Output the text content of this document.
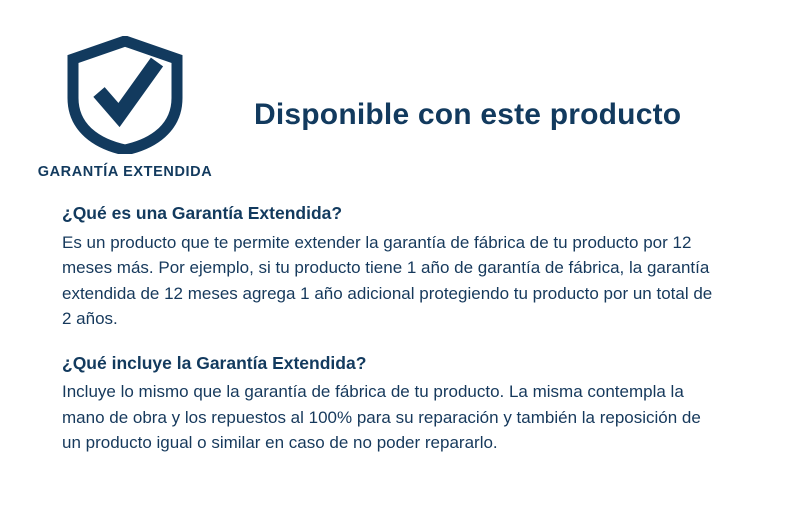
GARANTÍA EXTENDIDA
Disponible con este producto

¿Qué es una Garantía Extendida?

Es un producto que te permite extender la garantía de fábrica de tu producto por 12 meses más. Por ejemplo, si tu producto tiene 1 año de garantía de fábrica, la garantía extendida de 12 meses agrega 1 año adicional protegiendo tu producto por un total de 2 años.

¿Qué incluye la Garantía Extendida?

Incluye lo mismo que la garantía de fábrica de tu producto. La misma contempla la mano de obra y los repuestos al 100% para su reparación y también la reposición de un producto igual o similar en caso de no poder repararlo.
